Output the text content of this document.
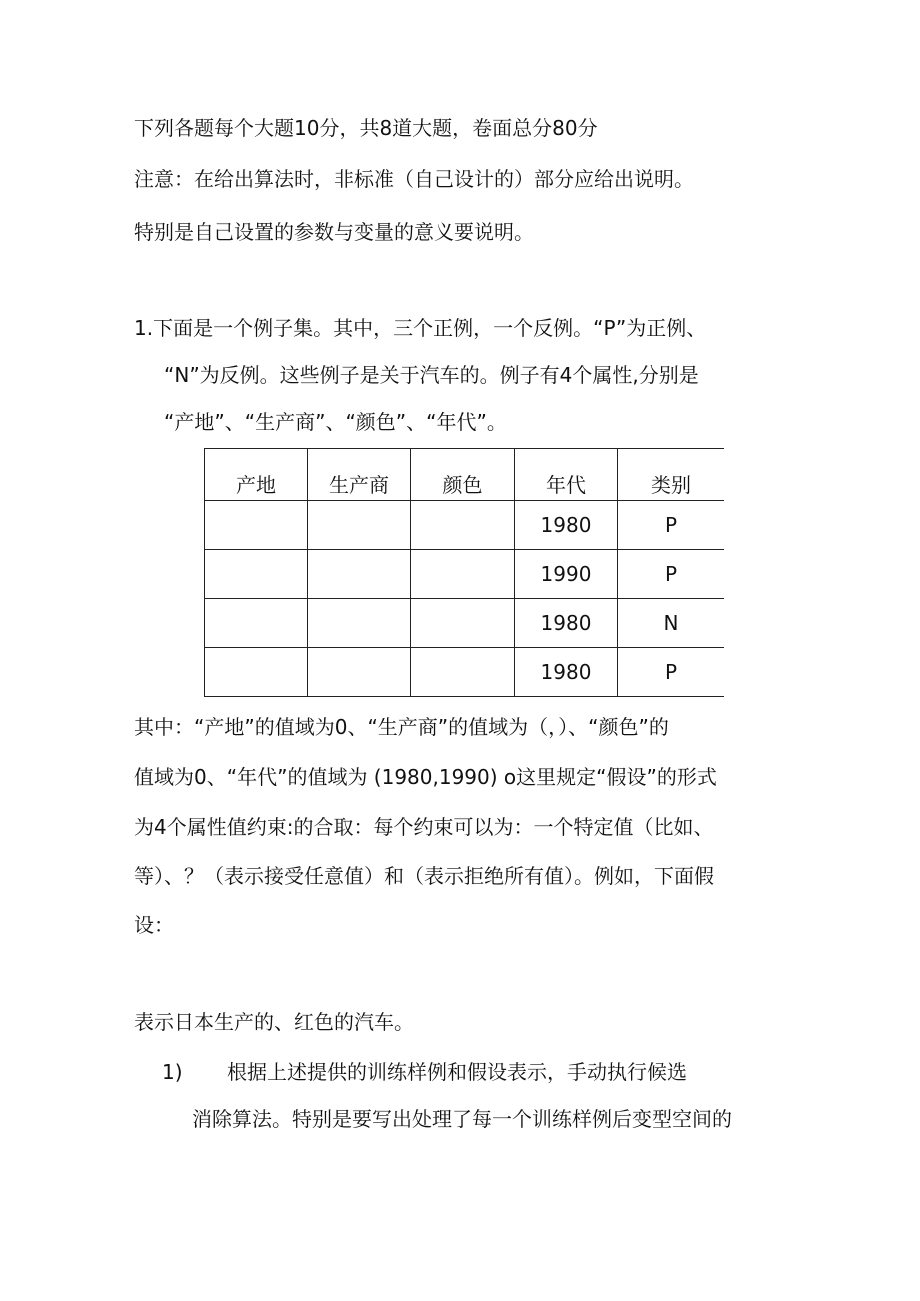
下列各题每个大题10分，共8道大题，卷面总分80分

注意：在给出算法时，非标准（自己设计的）部分应给出说明。

特别是自己设置的参数与变量的意义要说明。

1.下面是一个例子集。其中，三个正例，一个反例。“P”为正例、

“N”为反例。这些例子是关于汽车的。例子有4个属性,分别是

“产地”、“生产商”、“颜色”、“年代”。

产地	生产商	颜色	年代	类别
			1980	P
			1990	P
			1980	N
			1980	P

其中：“产地”的值域为0、“生产商”的值域为（，）、“颜色”的

值域为0、“年代”的值域为 (1980,1990) o这里规定“假设”的形式

为4个属性值约束:的合取：每个约束可以为：一个特定值（比如、

等）、？（表示接受任意值）和（表示拒绝所有值）。例如，下面假

设：

表示日本生产的、红色的汽车。

1) 根据上述提供的训练样例和假设表示，手动执行候选

消除算法。特别是要写出处理了每一个训练样例后变型空间的
